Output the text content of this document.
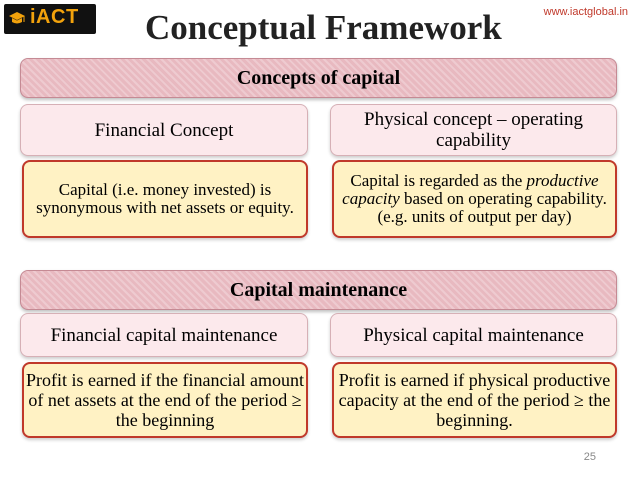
iACT	www.iactglobal.in
Conceptual Framework
Concepts of capital
Financial Concept	Physical concept – operating capability
Capital (i.e. money invested) is synonymous with net assets or equity.
Capital is regarded as the productive capacity based on operating capability. (e.g. units of output per day)
Capital maintenance
Financial capital maintenance	Physical capital maintenance
Profit is earned if the financial amount of net assets at the end of the period ≥ the beginning
Profit is earned if physical productive capacity at the end of the period ≥ the beginning.
25
